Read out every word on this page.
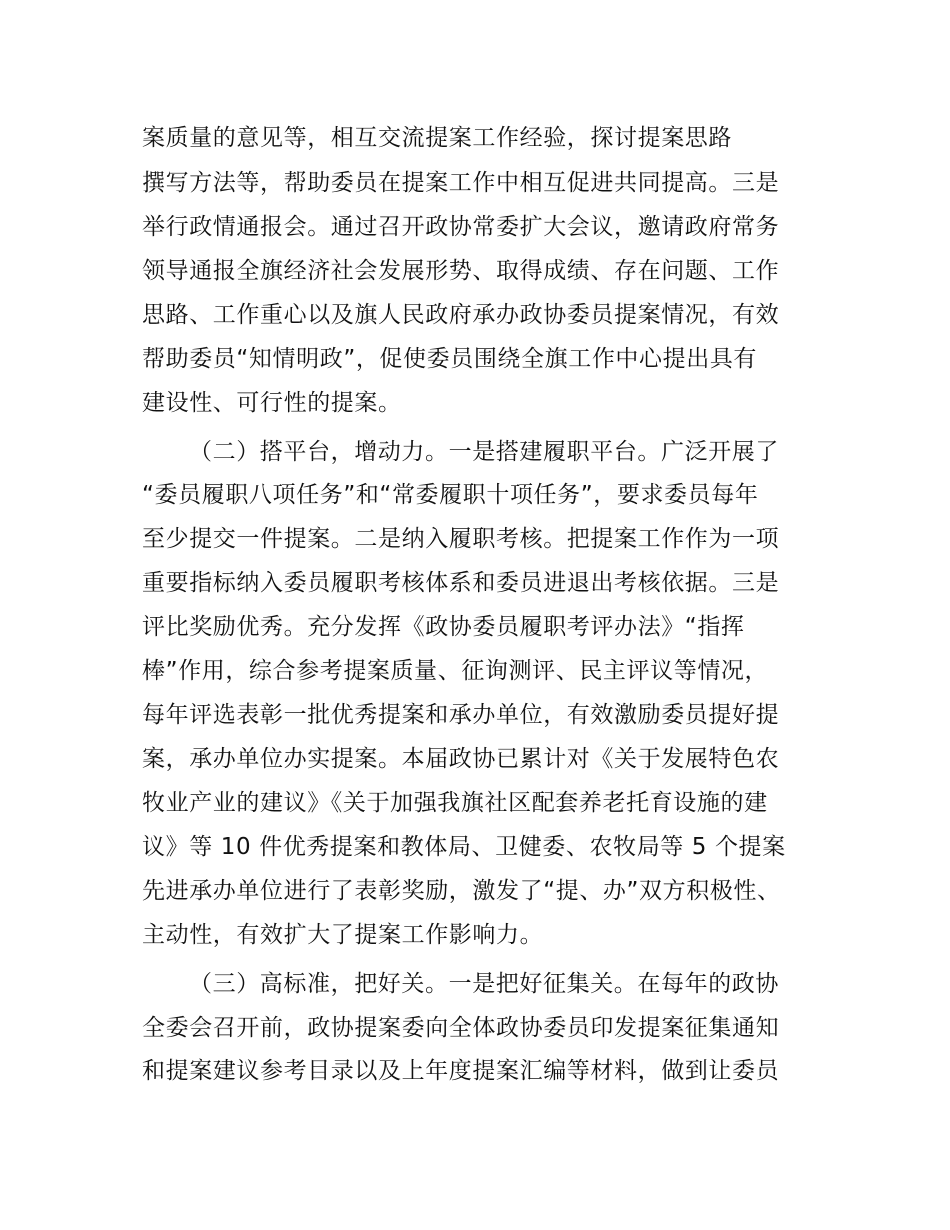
案质量的意见等，相互交流提案工作经验，探讨提案思路
撰写方法等，帮助委员在提案工作中相互促进共同提高。三是
举行政情通报会。通过召开政协常委扩大会议，邀请政府常务
领导通报全旗经济社会发展形势、取得成绩、存在问题、工作
思路、工作重心以及旗人民政府承办政协委员提案情况，有效
帮助委员“知情明政”，促使委员围绕全旗工作中心提出具有
建设性、可行性的提案。
（二）搭平台，增动力。一是搭建履职平台。广泛开展了
“委员履职八项任务”和“常委履职十项任务”，要求委员每年
至少提交一件提案。二是纳入履职考核。把提案工作作为一项
重要指标纳入委员履职考核体系和委员进退出考核依据。三是
评比奖励优秀。充分发挥《政协委员履职考评办法》“指挥
棒”作用，综合参考提案质量、征询测评、民主评议等情况，
每年评选表彰一批优秀提案和承办单位，有效激励委员提好提
案，承办单位办实提案。本届政协已累计对《关于发展特色农
牧业产业的建议》《关于加强我旗社区配套养老托育设施的建
议》等 10 件优秀提案和教体局、卫健委、农牧局等 5 个提案
先进承办单位进行了表彰奖励，激发了“提、办”双方积极性、
主动性，有效扩大了提案工作影响力。
（三）高标准，把好关。一是把好征集关。在每年的政协
全委会召开前，政协提案委向全体政协委员印发提案征集通知
和提案建议参考目录以及上年度提案汇编等材料，做到让委员
